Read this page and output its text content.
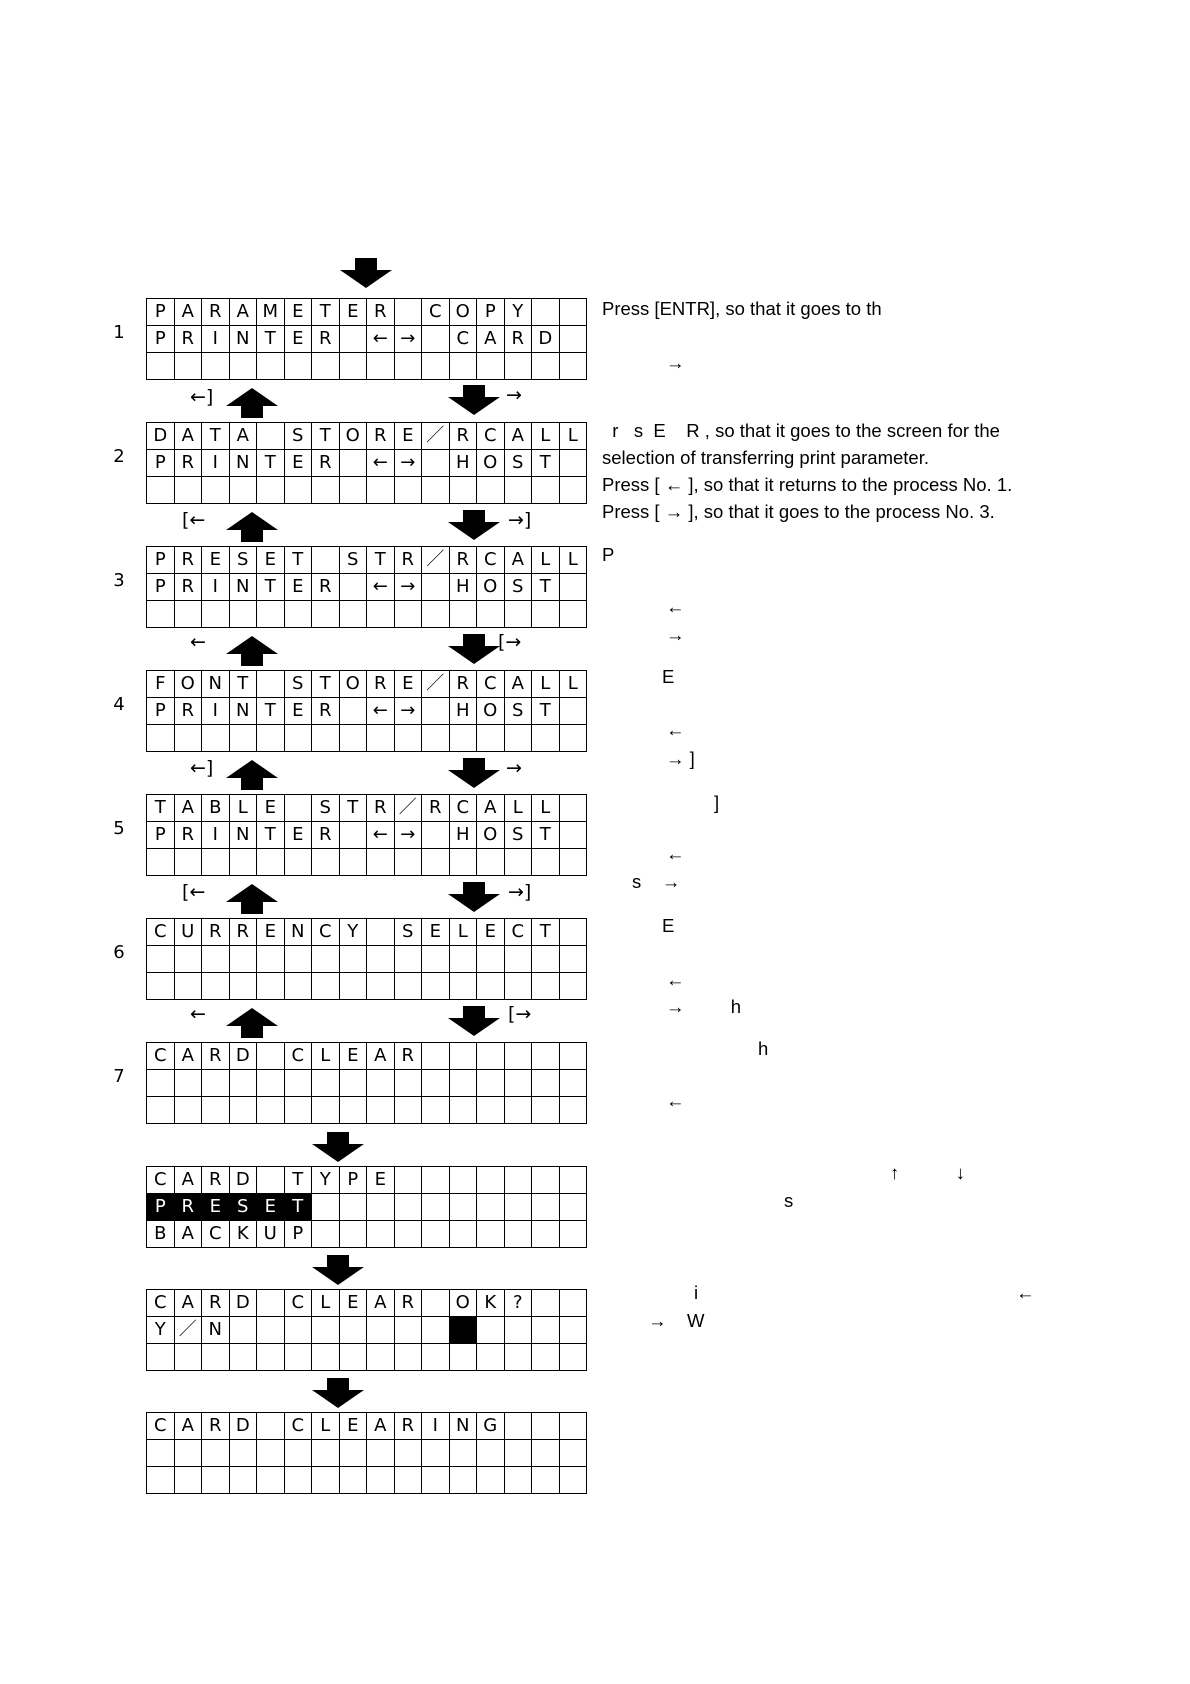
1
2
3
4
5
6
7
P	A	R	A	M	E	T	E	R		C	O	P	Y		
P	R	I	N	T	E	R		←	→		C	A	R	D	

D	A	T	A		S	T	O	R	E	／	R	C	A	L	L
P	R	I	N	T	E	R		←	→		H	O	S	T	

P	R	E	S	E	T		S	T	R	／	R	C	A	L	L
P	R	I	N	T	E	R		←	→		H	O	S	T	

F	O	N	T		S	T	O	R	E	／	R	C	A	L	L
P	R	I	N	T	E	R		←	→		H	O	S	T	

T	A	B	L	E		S	T	R	／	R	C	A	L	L	
P	R	I	N	T	E	R		←	→		H	O	S	T	

C	U	R	R	E	N	C	Y		S	E	L	E	C	T	

C	A	R	D		C	L	E	A	R						

C	A	R	D		T	Y	P	E							
P	R	E	S	E	T										
B	A	C	K	U	P										
C	A	R	D		C	L	E	A	R		O	K	?		
Y	／	N													

C	A	R	D		C	L	E	A	R	I	N	G			

←]	→
[←	→]
←	[→
←]	→
[←	→]
←	[→
Press [ENTR], so that it goes to th
→
r   s  E    R , so that it goes to the screen for the
selection of transferring print parameter.
Press [ ← ], so that it returns to the process No. 1.
Press [ → ], so that it goes to the process No. 3.
P
←
→
E
←
→ ]
]
←
s    →
E
←
→         h
h
←
↑           ↓
s
i	←
→    W
